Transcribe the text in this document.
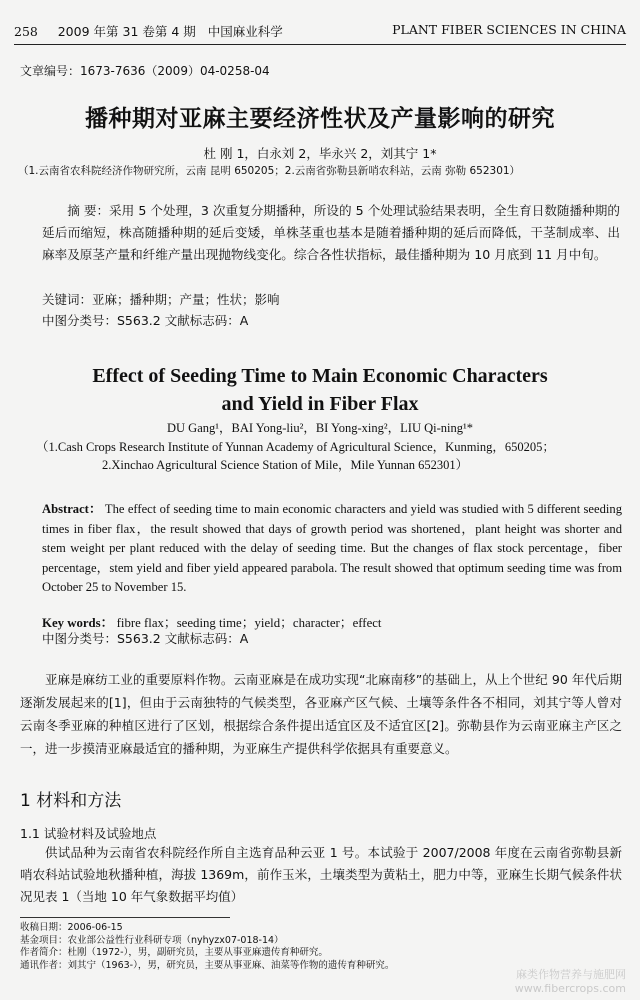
258 2009 年第 31 卷第 4 期 中国麻业科学	PLANT FIBER SCIENCES IN CHINA
文章编号：1673-7636（2009）04-0258-04
播种期对亚麻主要经济性状及产量影响的研究
杜 刚 1，白永刘 2，毕永兴 2，刘其宁 1*
（1.云南省农科院经济作物研究所，云南 昆明 650205；2.云南省弥勒县新哨农科站，云南 弥勒 652301）

摘 要：采用 5 个处理，3 次重复分期播种，所设的 5 个处理试验结果表明，全生育日数随播种期的延后而缩短，株高随播种期的延后变矮，单株茎重也基本是随着播种期的延后而降低，干茎制成率、出麻率及原茎产量和纤维产量出现抛物线变化。综合各性状指标，最佳播种期为 10 月底到 11 月中旬。

关键词：亚麻；播种期；产量；性状；影响
中图分类号：S563.2 文献标志码：A
Effect of Seeding Time to Main Economic Characters
and Yield in Fiber Flax
DU Gang¹，BAI Yong-liu²，BI Yong-xing²，LIU Qi-ning¹*
（1.Cash Crops Research Institute of Yunnan Academy of Agricultural Science，Kunming，650205；
2.Xinchao Agricultural Science Station of Mile，Mile Yunnan 652301）
Abstract： The effect of seeding time to main economic characters and yield was studied with 5 different seeding times in fiber flax，the result showed that days of growth period was shortened，plant height was shorter and stem weight per plant reduced with the delay of seeding time. But the changes of flax stock percentage，fiber percentage，stem yield and fiber yield appeared parabola. The result showed that optimum seeding time was from October 25 to November 15.
Key words： fibre flax；seeding time；yield；character；effect
中图分类号：S563.2 文献标志码：A
亚麻是麻纺工业的重要原料作物。云南亚麻是在成功实现“北麻南移”的基础上，从上个世纪 90 年代后期逐渐发展起来的[1]，但由于云南独特的气候类型，各亚麻产区气候、土壤等条件各不相同，刘其宁等人曾对云南冬季亚麻的种植区进行了区划，根据综合条件提出适宜区及不适宜区[2]。弥勒县作为云南亚麻主产区之一，进一步摸清亚麻最适宜的播种期，为亚麻生产提供科学依据具有重要意义。
1 材料和方法
1.1 试验材料及试验地点
供试品种为云南省农科院经作所自主选育品种云亚 1 号。本试验于 2007/2008 年度在云南省弥勒县新哨农科站试验地秋播种植，海拔 1369m，前作玉米，土壤类型为黄粘土，肥力中等，亚麻生长期气候条件状况见表 1（当地 10 年气象数据平均值）
收稿日期：2006-06-15
基金项目：农业部公益性行业科研专项（nyhyzx07-018-14）
作者简介：杜刚（1972-），男，副研究员，主要从事亚麻遗传育种研究。
通讯作者：刘其宁（1963-），男，研究员，主要从事亚麻、油菜等作物的遗传育种研究。
麻类作物营养与施肥网
www.fibercrops.com
